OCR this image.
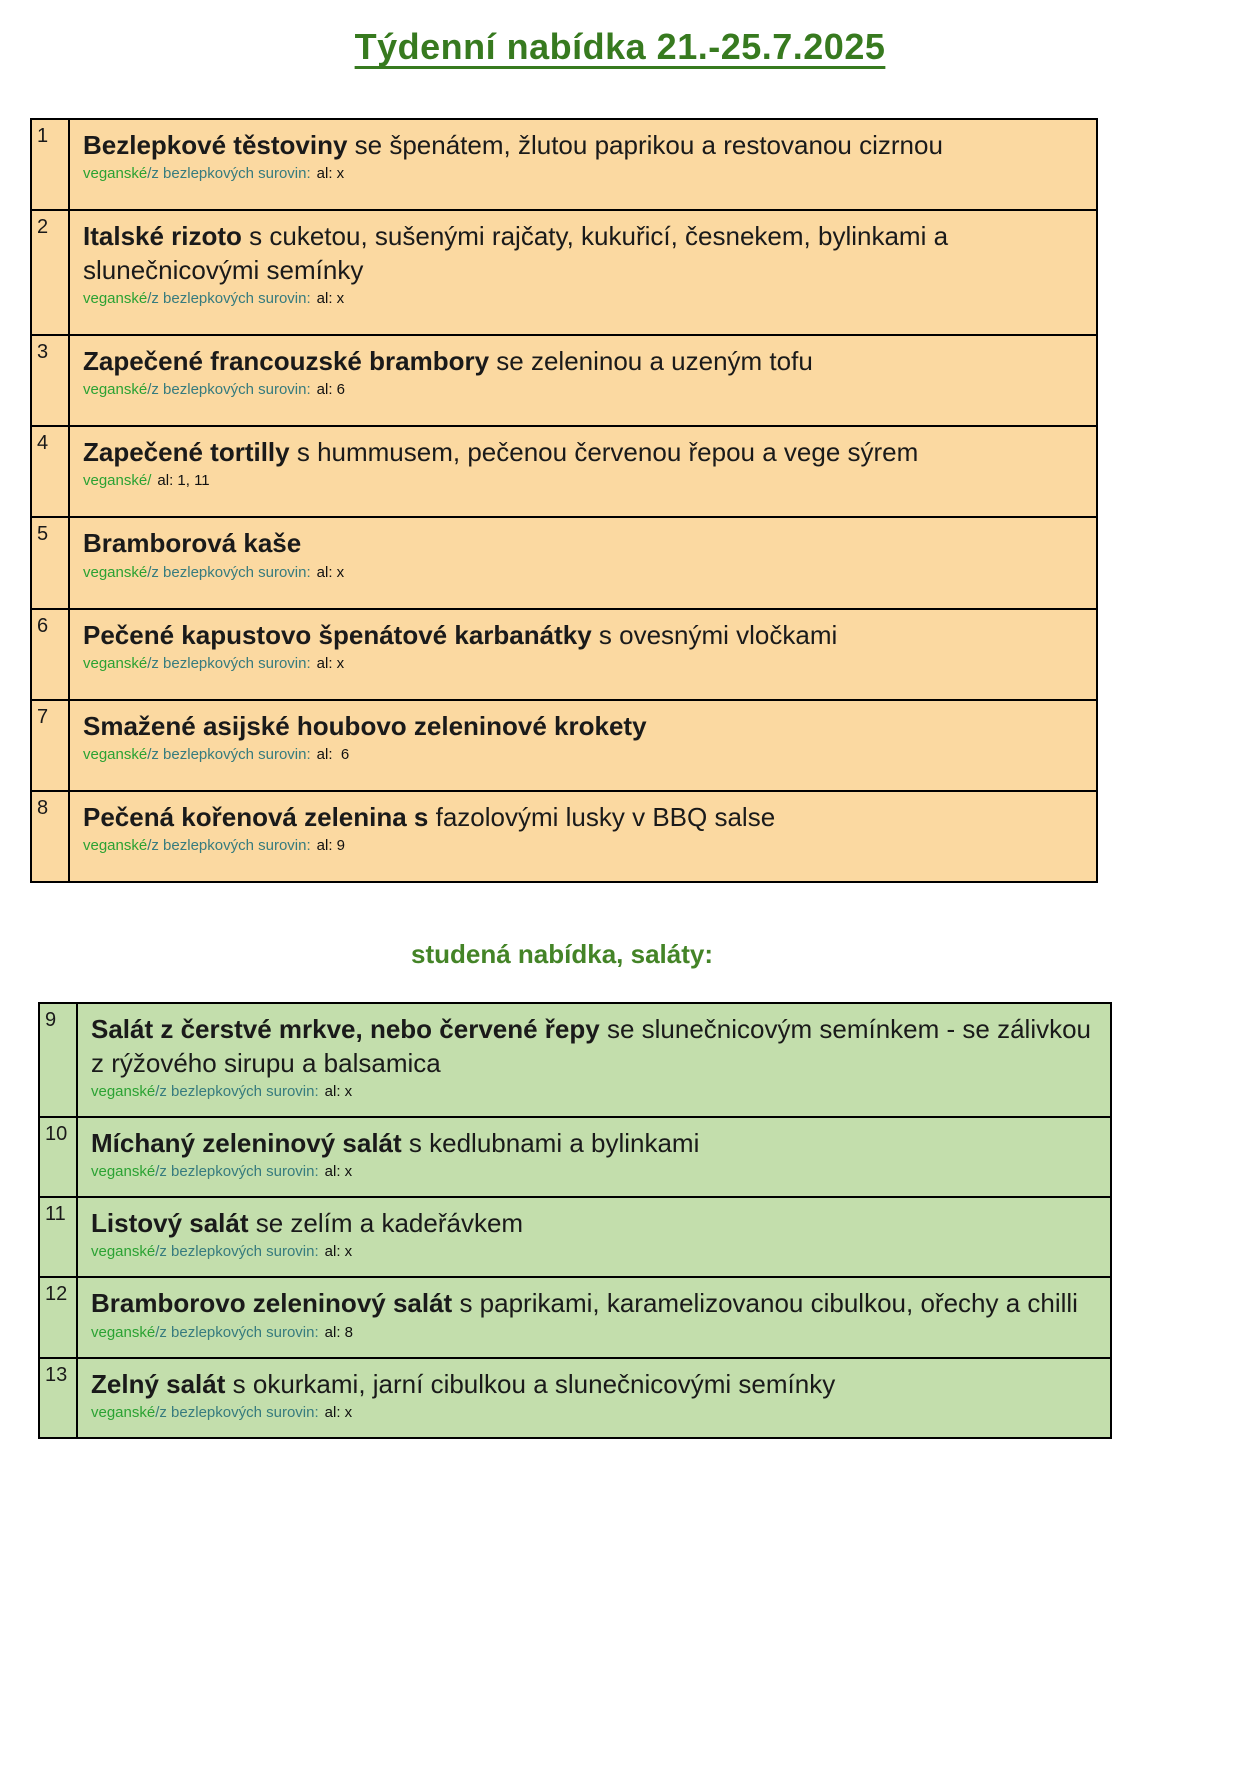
Týdenní nabídka 21.-25.7.2025
1	Bezlepkové těstoviny se špenátem, žlutou paprikou a restovanou cizrnou
veganské/z bezlepkových surovin: al: x
2	Italské rizoto s cuketou, sušenými rajčaty, kukuřicí, česnekem, bylinkami a slunečnicovými semínky
veganské/z bezlepkových surovin: al: x
3	Zapečené francouzské brambory se zeleninou a uzeným tofu
veganské/z bezlepkových surovin: al: 6
4	Zapečené tortilly s hummusem, pečenou červenou řepou a vege sýrem
veganské/ al: 1, 11
5	Bramborová kaše
veganské/z bezlepkových surovin: al: x
6	Pečené kapustovo špenátové karbanátky s ovesnými vločkami
veganské/z bezlepkových surovin: al: x
7	Smažené asijské houbovo zeleninové krokety
veganské/z bezlepkových surovin: al:  6
8	Pečená kořenová zelenina s fazolovými lusky v BBQ salse
veganské/z bezlepkových surovin: al: 9
studená nabídka, saláty:
9	Salát z čerstvé mrkve, nebo červené řepy se slunečnicovým semínkem - se zálivkou z rýžového sirupu a balsamica
veganské/z bezlepkových surovin: al: x
10 Míchaný zeleninový salát s kedlubnami a bylinkami
veganské/z bezlepkových surovin: al: x
11 Listový salát se zelím a kadeřávkem
veganské/z bezlepkových surovin: al: x
12 Bramborovo zeleninový salát s paprikami, karamelizovanou cibulkou, ořechy a chilli
veganské/z bezlepkových surovin: al: 8
13 Zelný salát s okurkami, jarní cibulkou a slunečnicovými semínky
veganské/z bezlepkových surovin: al: x
